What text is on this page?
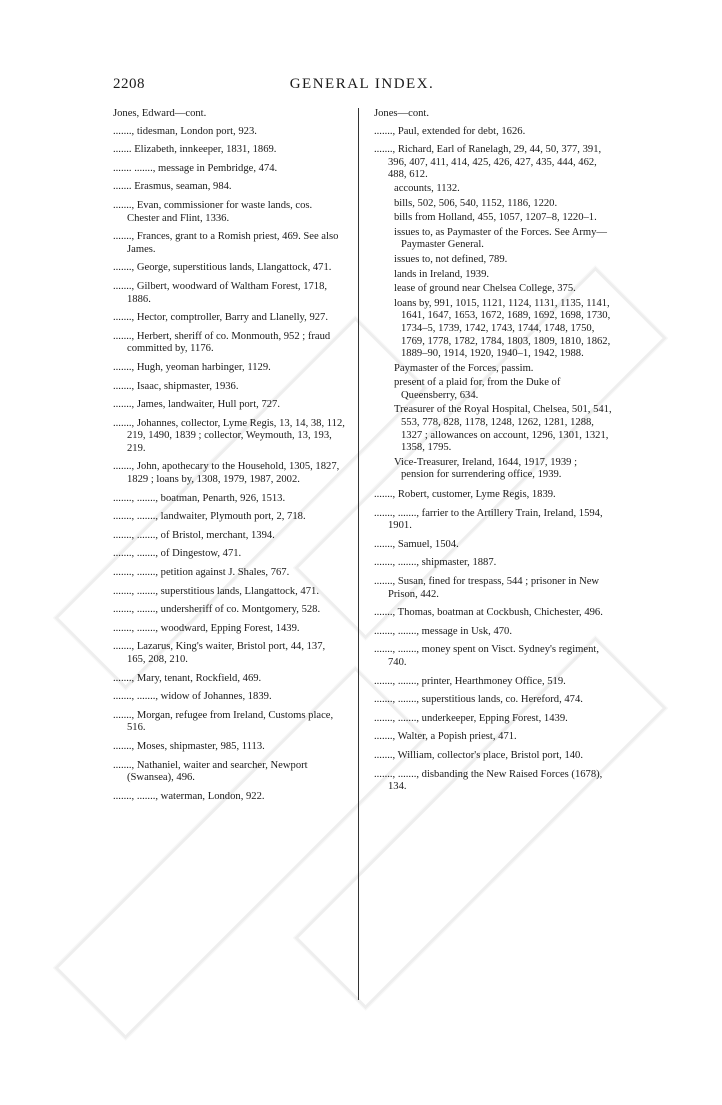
2208	GENERAL INDEX.
Jones, Edward—cont.
......., tidesman, London port, 923.
....... Elizabeth, innkeeper, 1831, 1869.
....... ......., message in Pembridge, 474.
....... Erasmus, seaman, 984.
......., Evan, commissioner for waste lands, cos. Chester and Flint, 1336.
......., Frances, grant to a Romish priest, 469. See also James.
......., George, superstitious lands, Llangattock, 471.
......., Gilbert, woodward of Waltham Forest, 1718, 1886.
......., Hector, comptroller, Barry and Llanelly, 927.
......., Herbert, sheriff of co. Monmouth, 952 ; fraud committed by, 1176.
......., Hugh, yeoman harbinger, 1129.
......., Isaac, shipmaster, 1936.
......., James, landwaiter, Hull port, 727.
......., Johannes, collector, Lyme Regis, 13, 14, 38, 112, 219, 1490, 1839 ; collector, Weymouth, 13, 193, 219.
......., John, apothecary to the Household, 1305, 1827, 1829 ; loans by, 1308, 1979, 1987, 2002.
......., ......., boatman, Penarth, 926, 1513.
......., ......., landwaiter, Plymouth port, 2, 718.
......., ......., of Bristol, merchant, 1394.
......., ......., of Dingestow, 471.
......., ......., petition against J. Shales, 767.
......., ......., superstitious lands, Llangattock, 471.
......., ......., undersheriff of co. Montgomery, 528.
......., ......., woodward, Epping Forest, 1439.
......., Lazarus, King's waiter, Bristol port, 44, 137, 165, 208, 210.
......., Mary, tenant, Rockfield, 469.
......., ......., widow of Johannes, 1839.
......., Morgan, refugee from Ireland, Customs place, 516.
......., Moses, shipmaster, 985, 1113.
......., Nathaniel, waiter and searcher, Newport (Swansea), 496.
......., ......., waterman, London, 922.
Jones—cont.
......., Paul, extended for debt, 1626.
......., Richard, Earl of Ranelagh, 29, 44, 50, 377, 391, 396, 407, 411, 414, 425, 426, 427, 435, 444, 462, 488, 612.
accounts, 1132.
bills, 502, 506, 540, 1152, 1186, 1220.
bills from Holland, 455, 1057, 1207–8, 1220–1.
issues to, as Paymaster of the Forces. See Army—Paymaster General.
issues to, not defined, 789.
lands in Ireland, 1939.
lease of ground near Chelsea College, 375.
loans by, 991, 1015, 1121, 1124, 1131, 1135, 1141, 1641, 1647, 1653, 1672, 1689, 1692, 1698, 1730, 1734–5, 1739, 1742, 1743, 1744, 1748, 1750, 1769, 1778, 1782, 1784, 1803, 1809, 1810, 1862, 1889–90, 1914, 1920, 1940–1, 1942, 1988.
Paymaster of the Forces, passim.
present of a plaid for, from the Duke of Queensberry, 634.
Treasurer of the Royal Hospital, Chelsea, 501, 541, 553, 778, 828, 1178, 1248, 1262, 1281, 1288, 1327 ; allowances on account, 1296, 1301, 1321, 1358, 1795.
Vice-Treasurer, Ireland, 1644, 1917, 1939 ; pension for surrendering office, 1939.
......., Robert, customer, Lyme Regis, 1839.
......., ......., farrier to the Artillery Train, Ireland, 1594, 1901.
......., Samuel, 1504.
......., ......., shipmaster, 1887.
......., Susan, fined for trespass, 544 ; prisoner in New Prison, 442.
......., Thomas, boatman at Cockbush, Chichester, 496.
......., ......., message in Usk, 470.
......., ......., money spent on Visct. Sydney's regiment, 740.
......., ......., printer, Hearthmoney Office, 519.
......., ......., superstitious lands, co. Hereford, 474.
......., ......., underkeeper, Epping Forest, 1439.
......., Walter, a Popish priest, 471.
......., William, collector's place, Bristol port, 140.
......., ......., disbanding the New Raised Forces (1678), 134.
